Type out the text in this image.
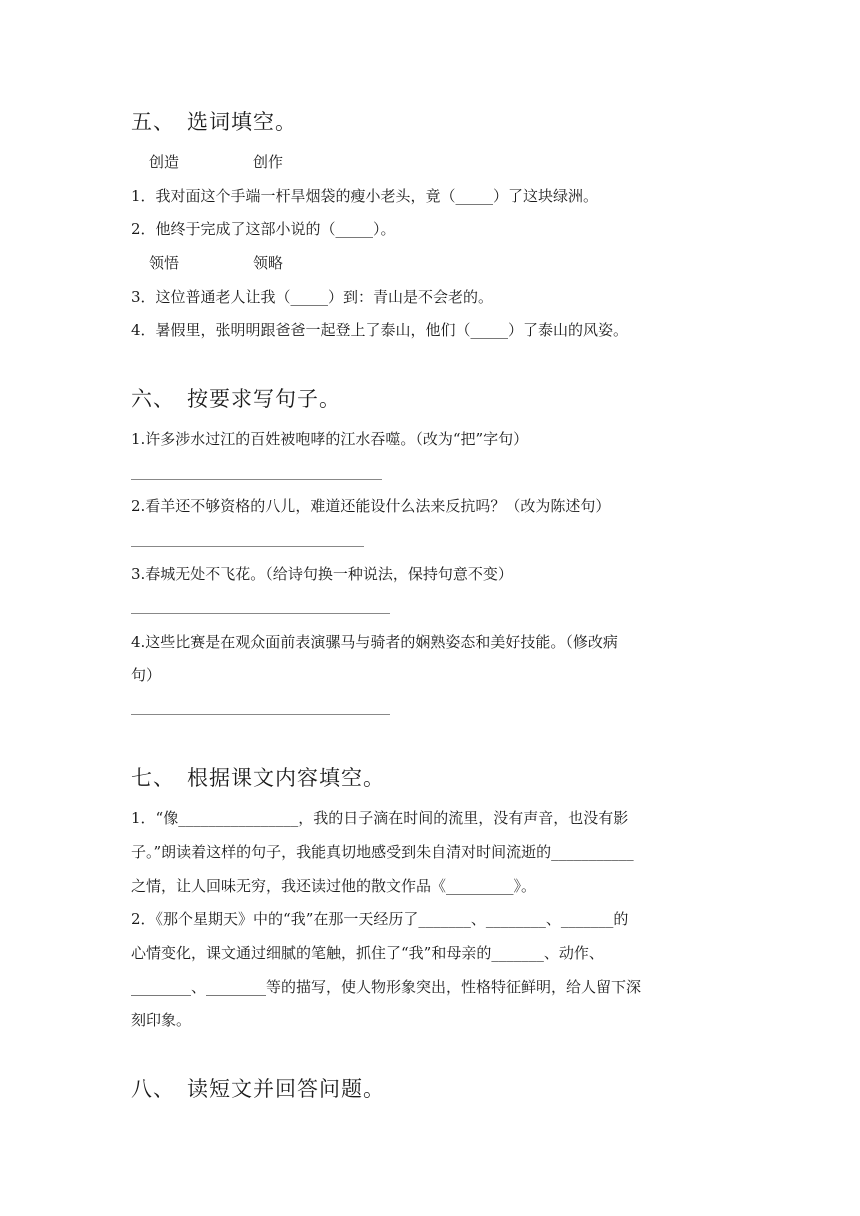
五、 选词填空。
创造	创作
1．我对面这个手端一杆旱烟袋的瘦小老头，竟（_____）了这块绿洲。
2．他终于完成了这部小说的（_____）。
领悟	领略
3．这位普通老人让我（_____）到：青山是不会老的。
4．暑假里，张明明跟爸爸一起登上了泰山，他们（_____）了泰山的风姿。
六、 按要求写句子。
1.许多涉水过江的百姓被咆哮的江水吞噬。（改为“把”字句）
2.看羊还不够资格的八儿，难道还能设什么法来反抗吗？（改为陈述句）
3.春城无处不飞花。（给诗句换一种说法，保持句意不变）
4.这些比赛是在观众面前表演骡马与骑者的娴熟姿态和美好技能。（修改病
句）
七、 根据课文内容填空。
1．“像________________，我的日子滴在时间的流里，没有声音，也没有影
子。”朗读着这样的句子，我能真切地感受到朱自清对时间流逝的___________
之情，让人回味无穷，我还读过他的散文作品《_________》。
2．《那个星期天》中的“我”在那一天经历了_______、________、_______的
心情变化，课文通过细腻的笔触，抓住了“我”和母亲的_______、动作、
________、________等的描写，使人物形象突出，性格特征鲜明，给人留下深
刻印象。
八、 读短文并回答问题。
